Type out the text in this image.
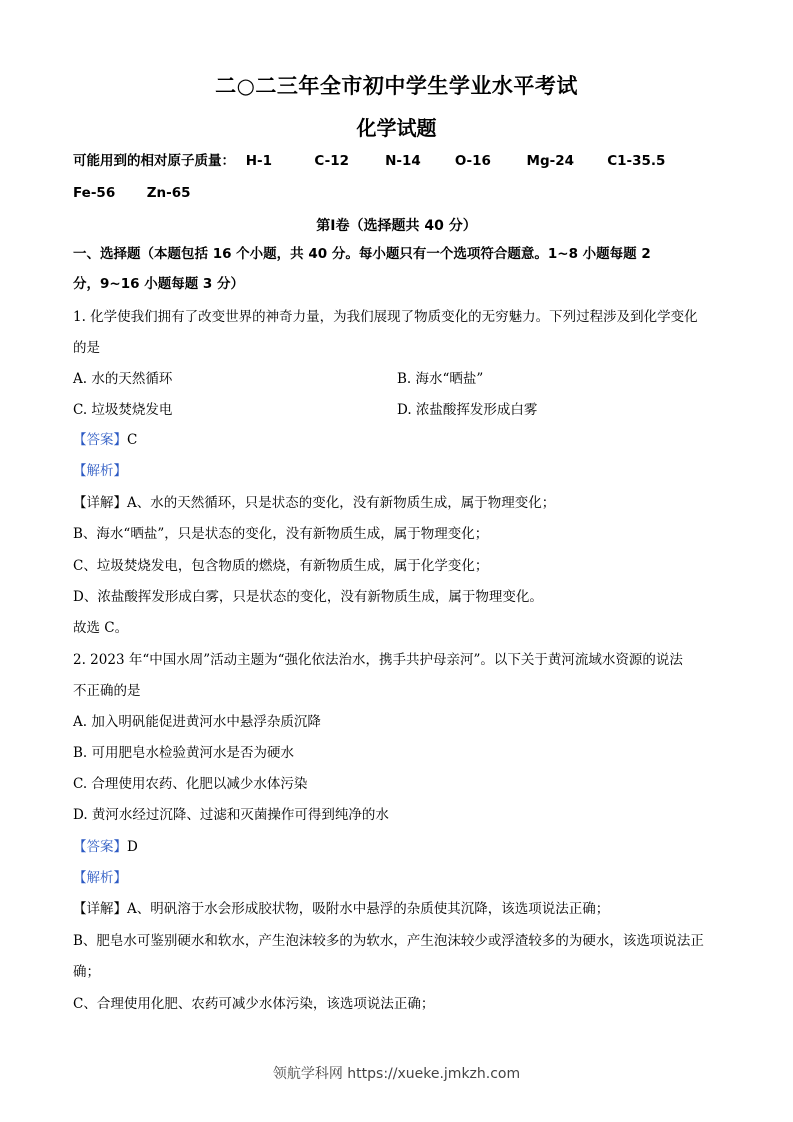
二○二三年全市初中学生学业水平考试
化学试题
可能用到的相对原子质量： H-1	C-12	N-14	O-16	Mg-24 C1-35.5
Fe-56 Zn-65
第Ⅰ卷（选择题共 40 分）
一、选择题（本题包括 16 个小题，共 40 分。每小题只有一个选项符合题意。1~8 小题每题 2
分，9~16 小题每题 3 分）
1. 化学使我们拥有了改变世界的神奇力量，为我们展现了物质变化的无穷魅力。下列过程涉及到化学变化
的是
A. 水的天然循环	B. 海水“晒盐”
C. 垃圾焚烧发电	D. 浓盐酸挥发形成白雾
【答案】C
【解析】
【详解】A、水的天然循环，只是状态的变化，没有新物质生成，属于物理变化；
B、海水“晒盐”，只是状态的变化，没有新物质生成，属于物理变化；
C、垃圾焚烧发电，包含物质的燃烧，有新物质生成，属于化学变化；
D、浓盐酸挥发形成白雾，只是状态的变化，没有新物质生成，属于物理变化。
故选 C。
2. 2023 年“中国水周”活动主题为“强化依法治水，携手共护母亲河”。以下关于黄河流域水资源的说法
不正确的是
A. 加入明矾能促进黄河水中悬浮杂质沉降
B. 可用肥皂水检验黄河水是否为硬水
C. 合理使用农药、化肥以减少水体污染
D. 黄河水经过沉降、过滤和灭菌操作可得到纯净的水
【答案】D
【解析】
【详解】A、明矾溶于水会形成胶状物，吸附水中悬浮的杂质使其沉降，该选项说法正确；
B、肥皂水可鉴别硬水和软水，产生泡沫较多的为软水，产生泡沫较少或浮渣较多的为硬水，该选项说法正
确；
C、合理使用化肥、农药可减少水体污染，该选项说法正确；
领航学科网 https://xueke.jmkzh.com
